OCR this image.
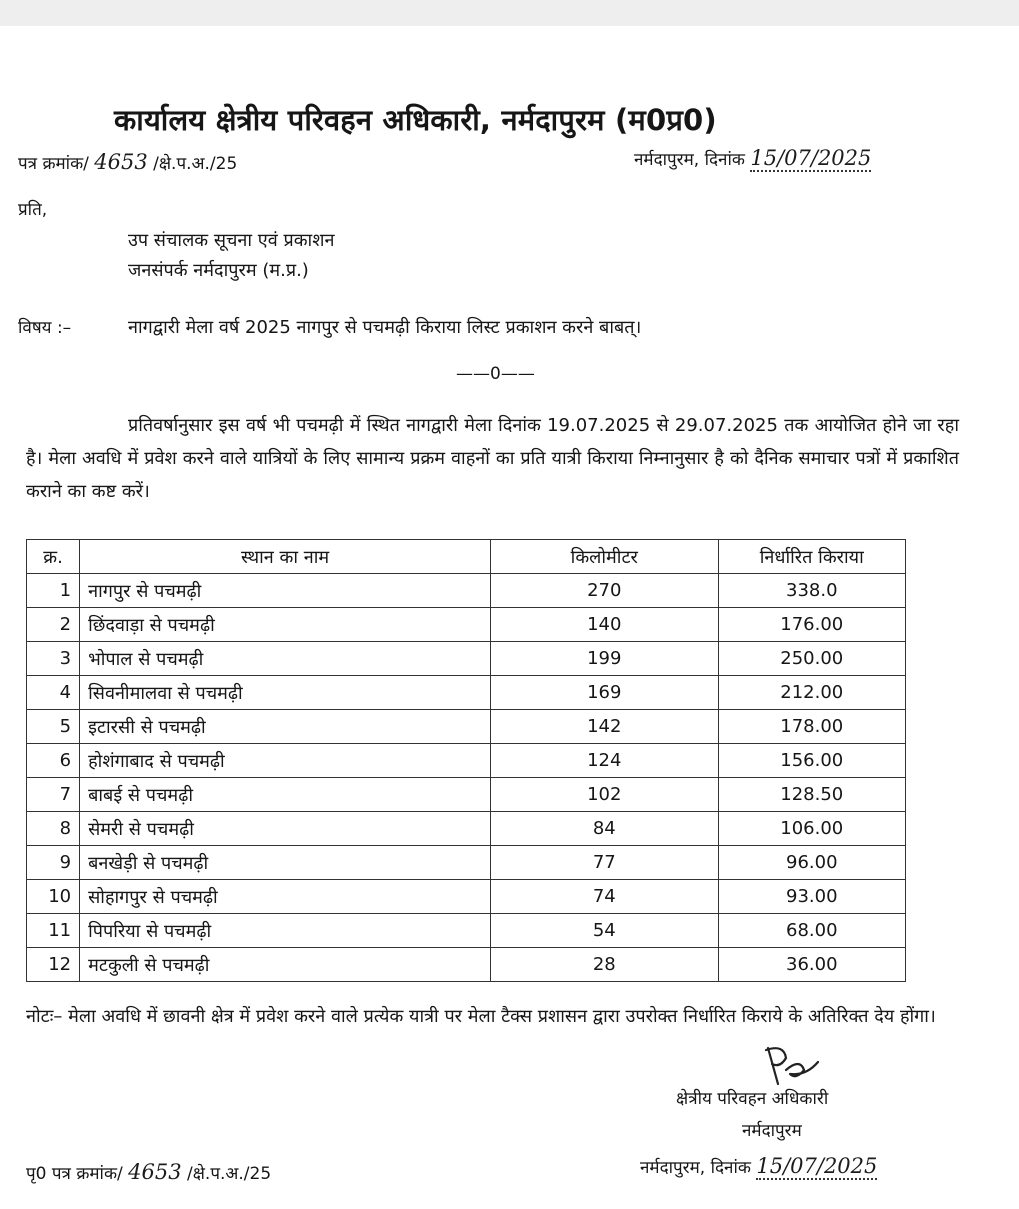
कार्यालय क्षेत्रीय परिवहन अधिकारी, नर्मदापुरम (म0प्र0)
पत्र क्रमांक/ 4653 /क्षे.प.अ./25	नर्मदापुरम, दिनांक 15/07/2025
प्रति,
उप संचालक सूचना एवं प्रकाशन
जनसंपर्क नर्मदापुरम (म.प्र.)
विषय :–	नागद्वारी मेला वर्ष 2025 नागपुर से पचमढ़ी किराया लिस्ट प्रकाशन करने बाबत्।
——0——
प्रतिवर्षानुसार इस वर्ष भी पचमढ़ी में स्थित नागद्वारी मेला दिनांक 19.07.2025 से 29.07.2025 तक आयोजित होने जा रहा है। मेला अवधि में प्रवेश करने वाले यात्रियों के लिए सामान्य प्रक्रम वाहनों का प्रति यात्री किराया निम्नानुसार है को दैनिक समाचार पत्रों में प्रकाशित कराने का कष्ट करें।
क्र.	स्थान का नाम	किलोमीटर	निर्धारित किराया
1	नागपुर से पचमढ़ी	270	338.0
2	छिंदवाड़ा से पचमढ़ी	140	176.00
3	भोपाल से पचमढ़ी	199	250.00
4	सिवनीमालवा से पचमढ़ी	169	212.00
5	इटारसी से पचमढ़ी	142	178.00
6	होशंगाबाद से पचमढ़ी	124	156.00
7	बाबई से पचमढ़ी	102	128.50
8	सेमरी से पचमढ़ी	84	106.00
9	बनखेड़ी से पचमढ़ी	77	96.00
10	सोहागपुर से पचमढ़ी	74	93.00
11	पिपरिया से पचमढ़ी	54	68.00
12	मटकुली से पचमढ़ी	28	36.00
नोटः– मेला अवधि में छावनी क्षेत्र में प्रवेश करने वाले प्रत्येक यात्री पर मेला टैक्स प्रशासन द्वारा उपरोक्त निर्धारित किराये के अतिरिक्त देय होंगा।
क्षेत्रीय परिवहन अधिकारी
नर्मदापुरम
पृ0 पत्र क्रमांक/ 4653 /क्षे.प.अ./25	नर्मदापुरम, दिनांक 15/07/2025
